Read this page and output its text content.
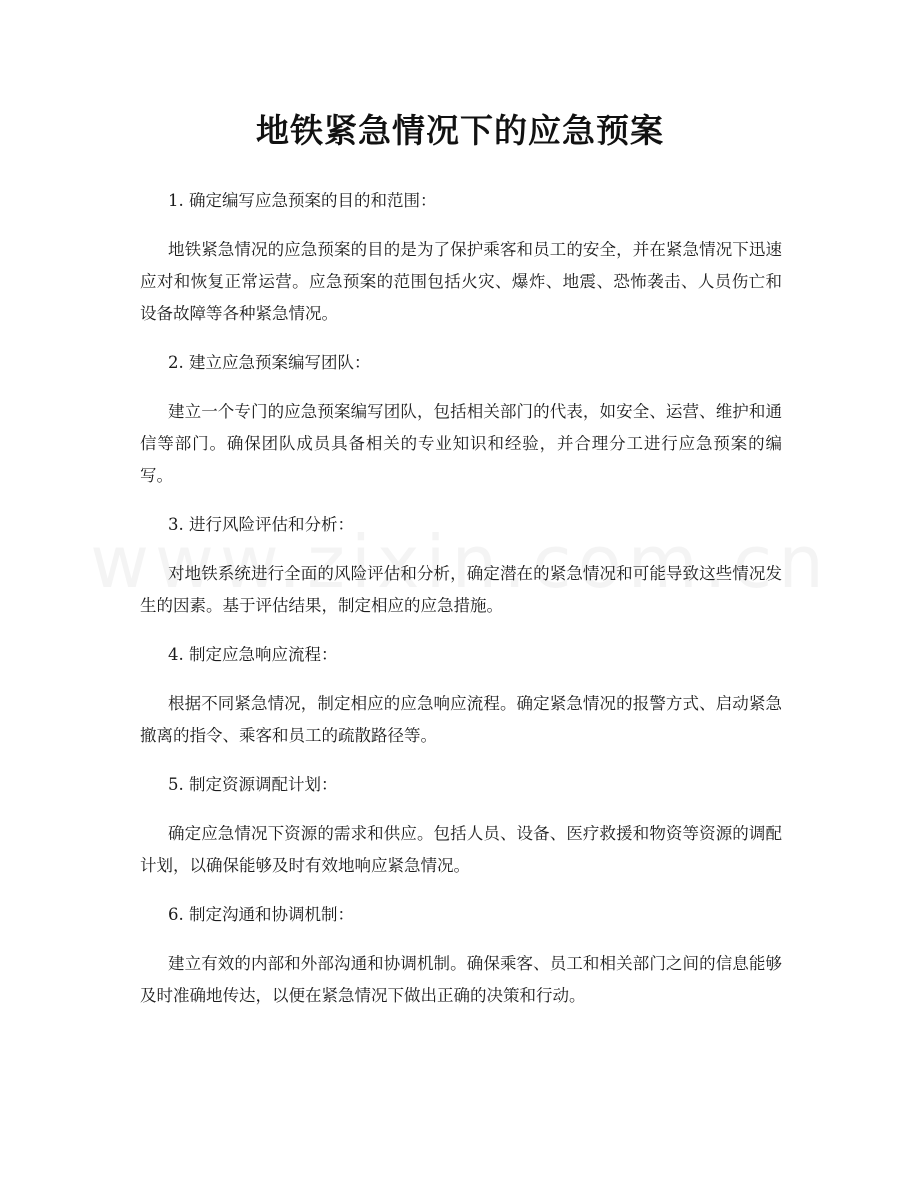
地铁紧急情况下的应急预案

1. 确定编写应急预案的目的和范围：

地铁紧急情况的应急预案的目的是为了保护乘客和员工的安全，并在紧急情况下迅速应对和恢复正常运营。应急预案的范围包括火灾、爆炸、地震、恐怖袭击、人员伤亡和设备故障等各种紧急情况。

2. 建立应急预案编写团队：

建立一个专门的应急预案编写团队，包括相关部门的代表，如安全、运营、维护和通信等部门。确保团队成员具备相关的专业知识和经验，并合理分工进行应急预案的编写。

3. 进行风险评估和分析：

对地铁系统进行全面的风险评估和分析，确定潜在的紧急情况和可能导致这些情况发生的因素。基于评估结果，制定相应的应急措施。

4. 制定应急响应流程：

根据不同紧急情况，制定相应的应急响应流程。确定紧急情况的报警方式、启动紧急撤离的指令、乘客和员工的疏散路径等。

5. 制定资源调配计划：

确定应急情况下资源的需求和供应。包括人员、设备、医疗救援和物资等资源的调配计划，以确保能够及时有效地响应紧急情况。

6. 制定沟通和协调机制：

建立有效的内部和外部沟通和协调机制。确保乘客、员工和相关部门之间的信息能够及时准确地传达，以便在紧急情况下做出正确的决策和行动。
